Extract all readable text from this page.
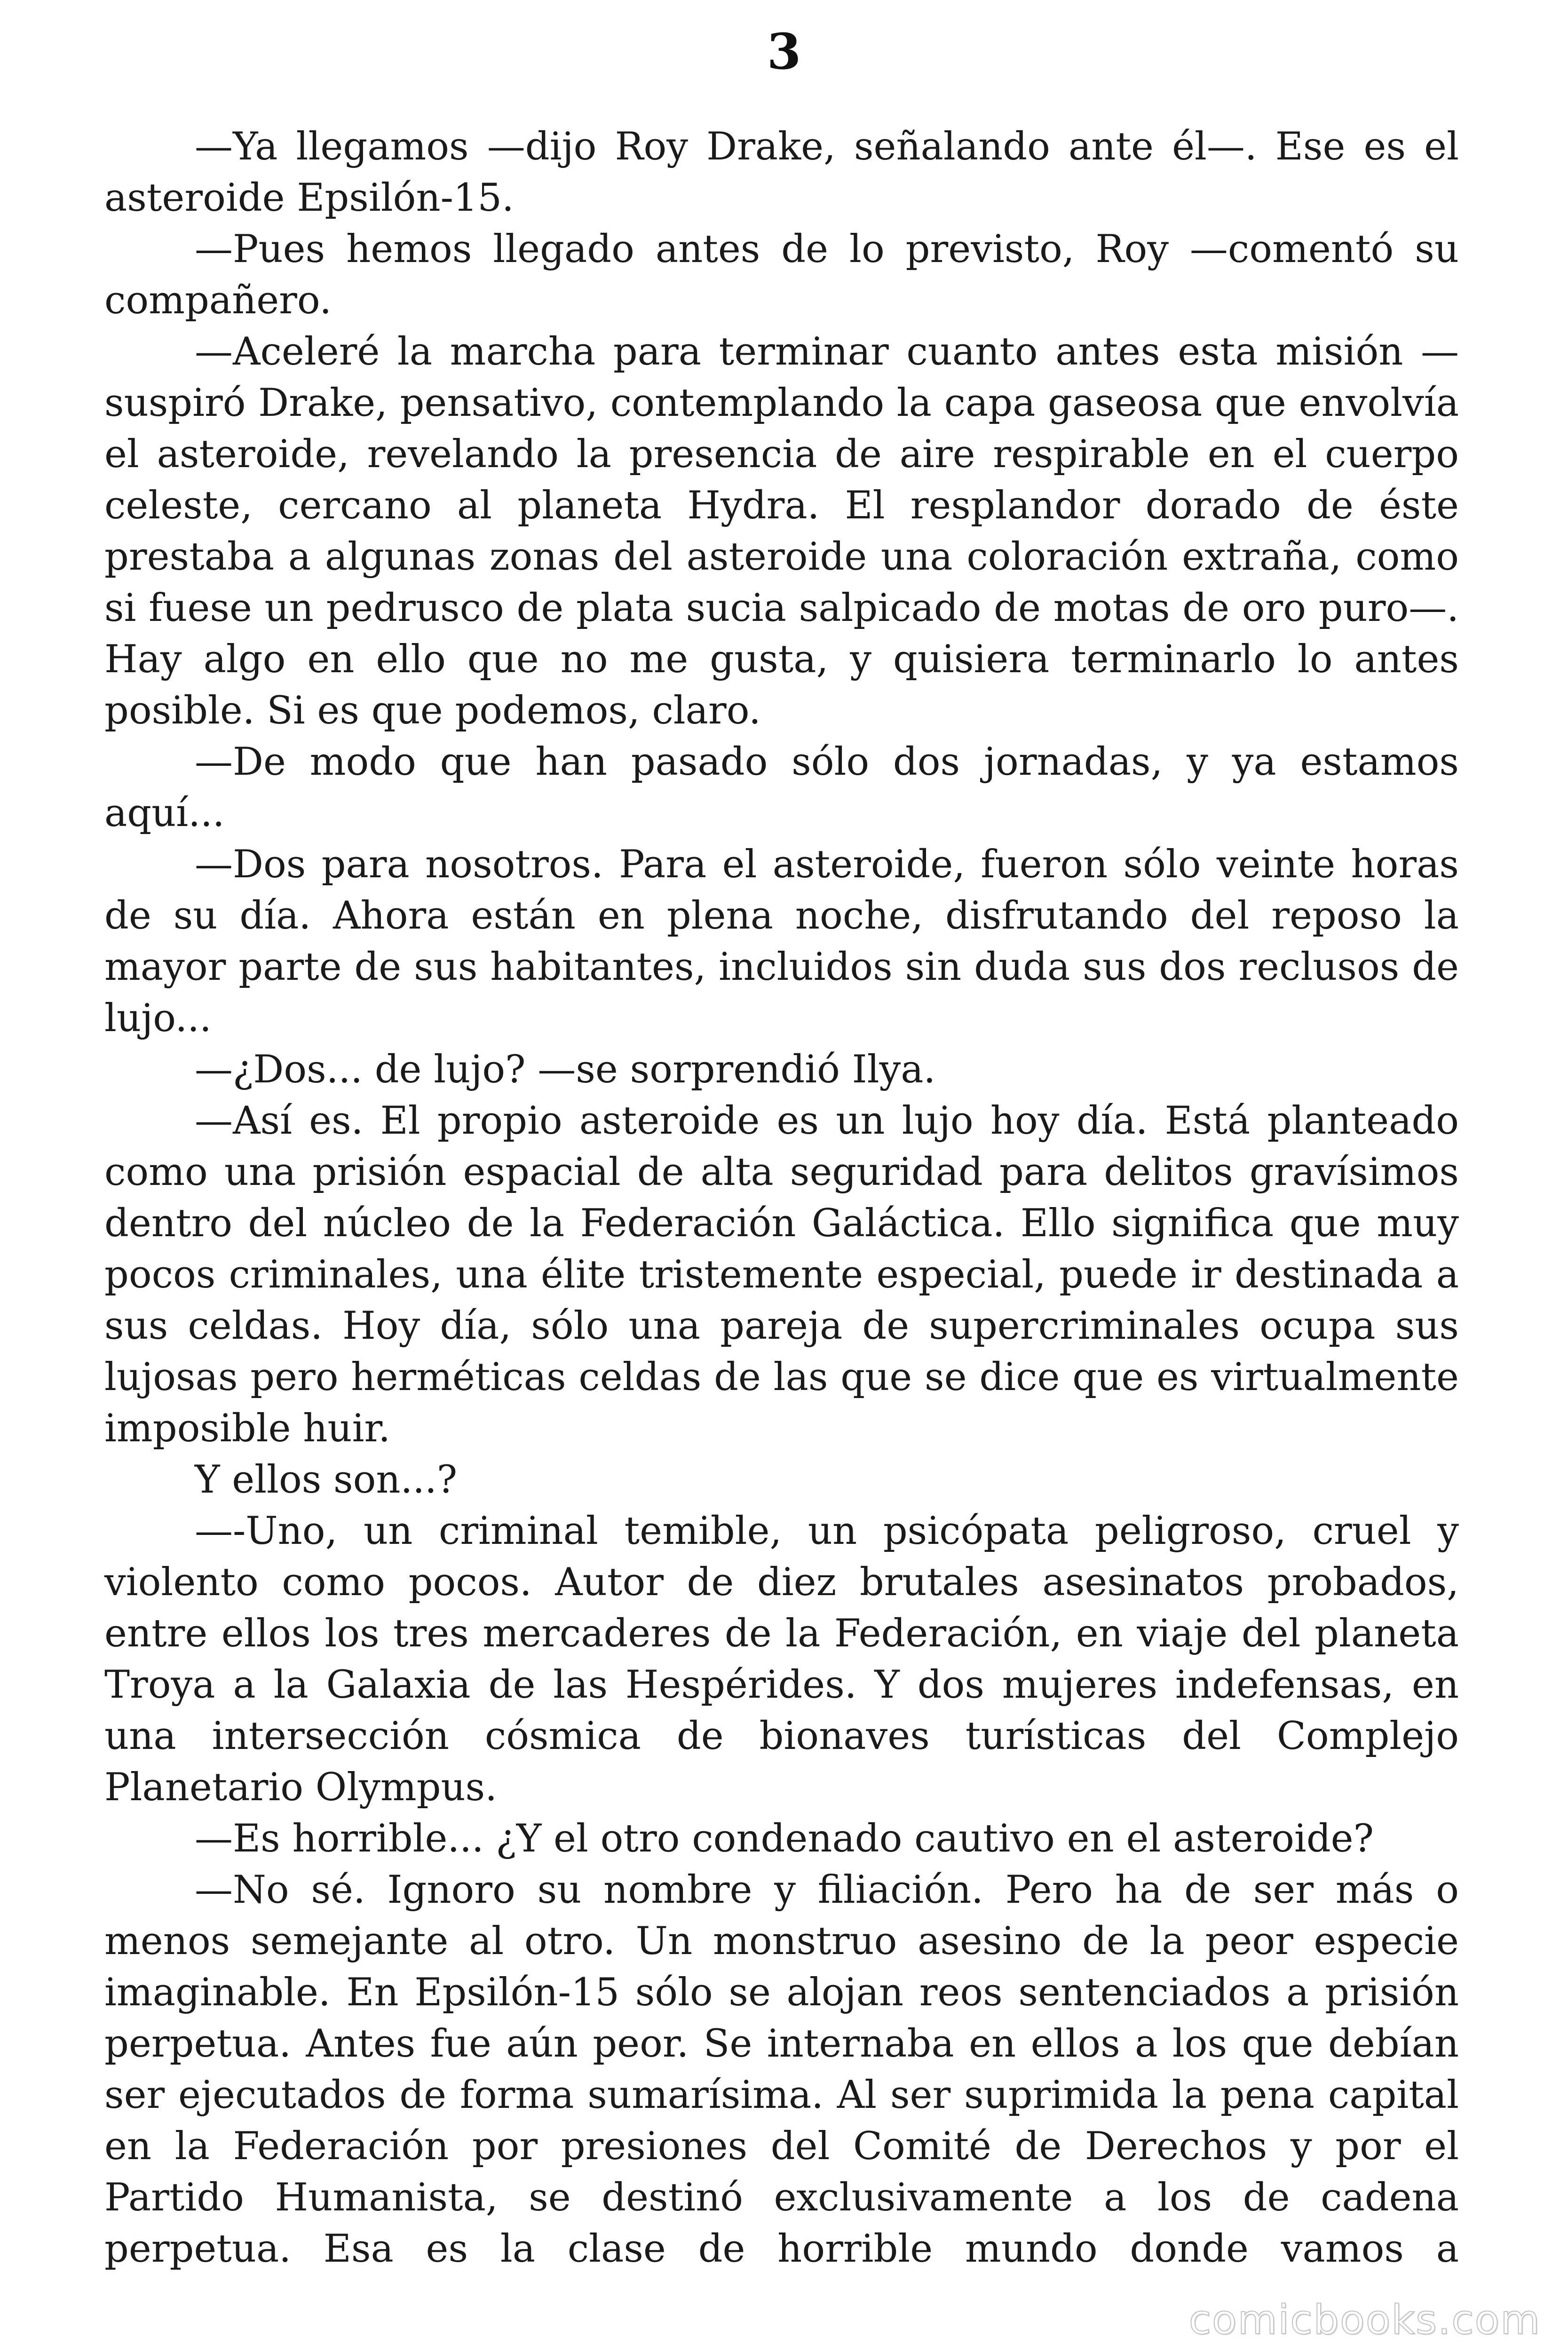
3

—Ya llegamos —dijo Roy Drake, señalando ante él—. Ese es el asteroide Epsilón-15.

—Pues hemos llegado antes de lo previsto, Roy —comentó su compañero.

—Aceleré la marcha para terminar cuanto antes esta misión — suspiró Drake, pensativo, contemplando la capa gaseosa que envolvía el asteroide, revelando la presencia de aire respirable en el cuerpo celeste, cercano al planeta Hydra. El resplandor dorado de éste prestaba a algunas zonas del asteroide una coloración extraña, como si fuese un pedrusco de plata sucia salpicado de motas de oro puro—. Hay algo en ello que no me gusta, y quisiera terminarlo lo antes posible. Si es que podemos, claro.

—De modo que han pasado sólo dos jornadas, y ya estamos aquí...

—Dos para nosotros. Para el asteroide, fueron sólo veinte horas de su día. Ahora están en plena noche, disfrutando del reposo la mayor parte de sus habitantes, incluidos sin duda sus dos reclusos de lujo...

—¿Dos... de lujo? —se sorprendió Ilya.

—Así es. El propio asteroide es un lujo hoy día. Está planteado como una prisión espacial de alta seguridad para delitos gravísimos dentro del núcleo de la Federación Galáctica. Ello significa que muy pocos criminales, una élite tristemente especial, puede ir destinada a sus celdas. Hoy día, sólo una pareja de supercriminales ocupa sus lujosas pero herméticas celdas de las que se dice que es virtualmente imposible huir.

Y ellos son...?

—-Uno, un criminal temible, un psicópata peligroso, cruel y violento como pocos. Autor de diez brutales asesinatos probados, entre ellos los tres mercaderes de la Federación, en viaje del planeta Troya a la Galaxia de las Hespérides. Y dos mujeres indefensas, en una intersección cósmica de bionaves turísticas del Complejo Planetario Olympus.

—Es horrible... ¿Y el otro condenado cautivo en el asteroide?

—No sé. Ignoro su nombre y filiación. Pero ha de ser más o menos semejante al otro. Un monstruo asesino de la peor especie imaginable. En Epsilón-15 sólo se alojan reos sentenciados a prisión perpetua. Antes fue aún peor. Se internaba en ellos a los que debían ser ejecutados de forma sumarísima. Al ser suprimida la pena capital en la Federación por presiones del Comité de Derechos y por el Partido Humanista, se destinó exclusivamente a los de cadena perpetua. Esa es la clase de horrible mundo donde vamos a

comicbooks.com
